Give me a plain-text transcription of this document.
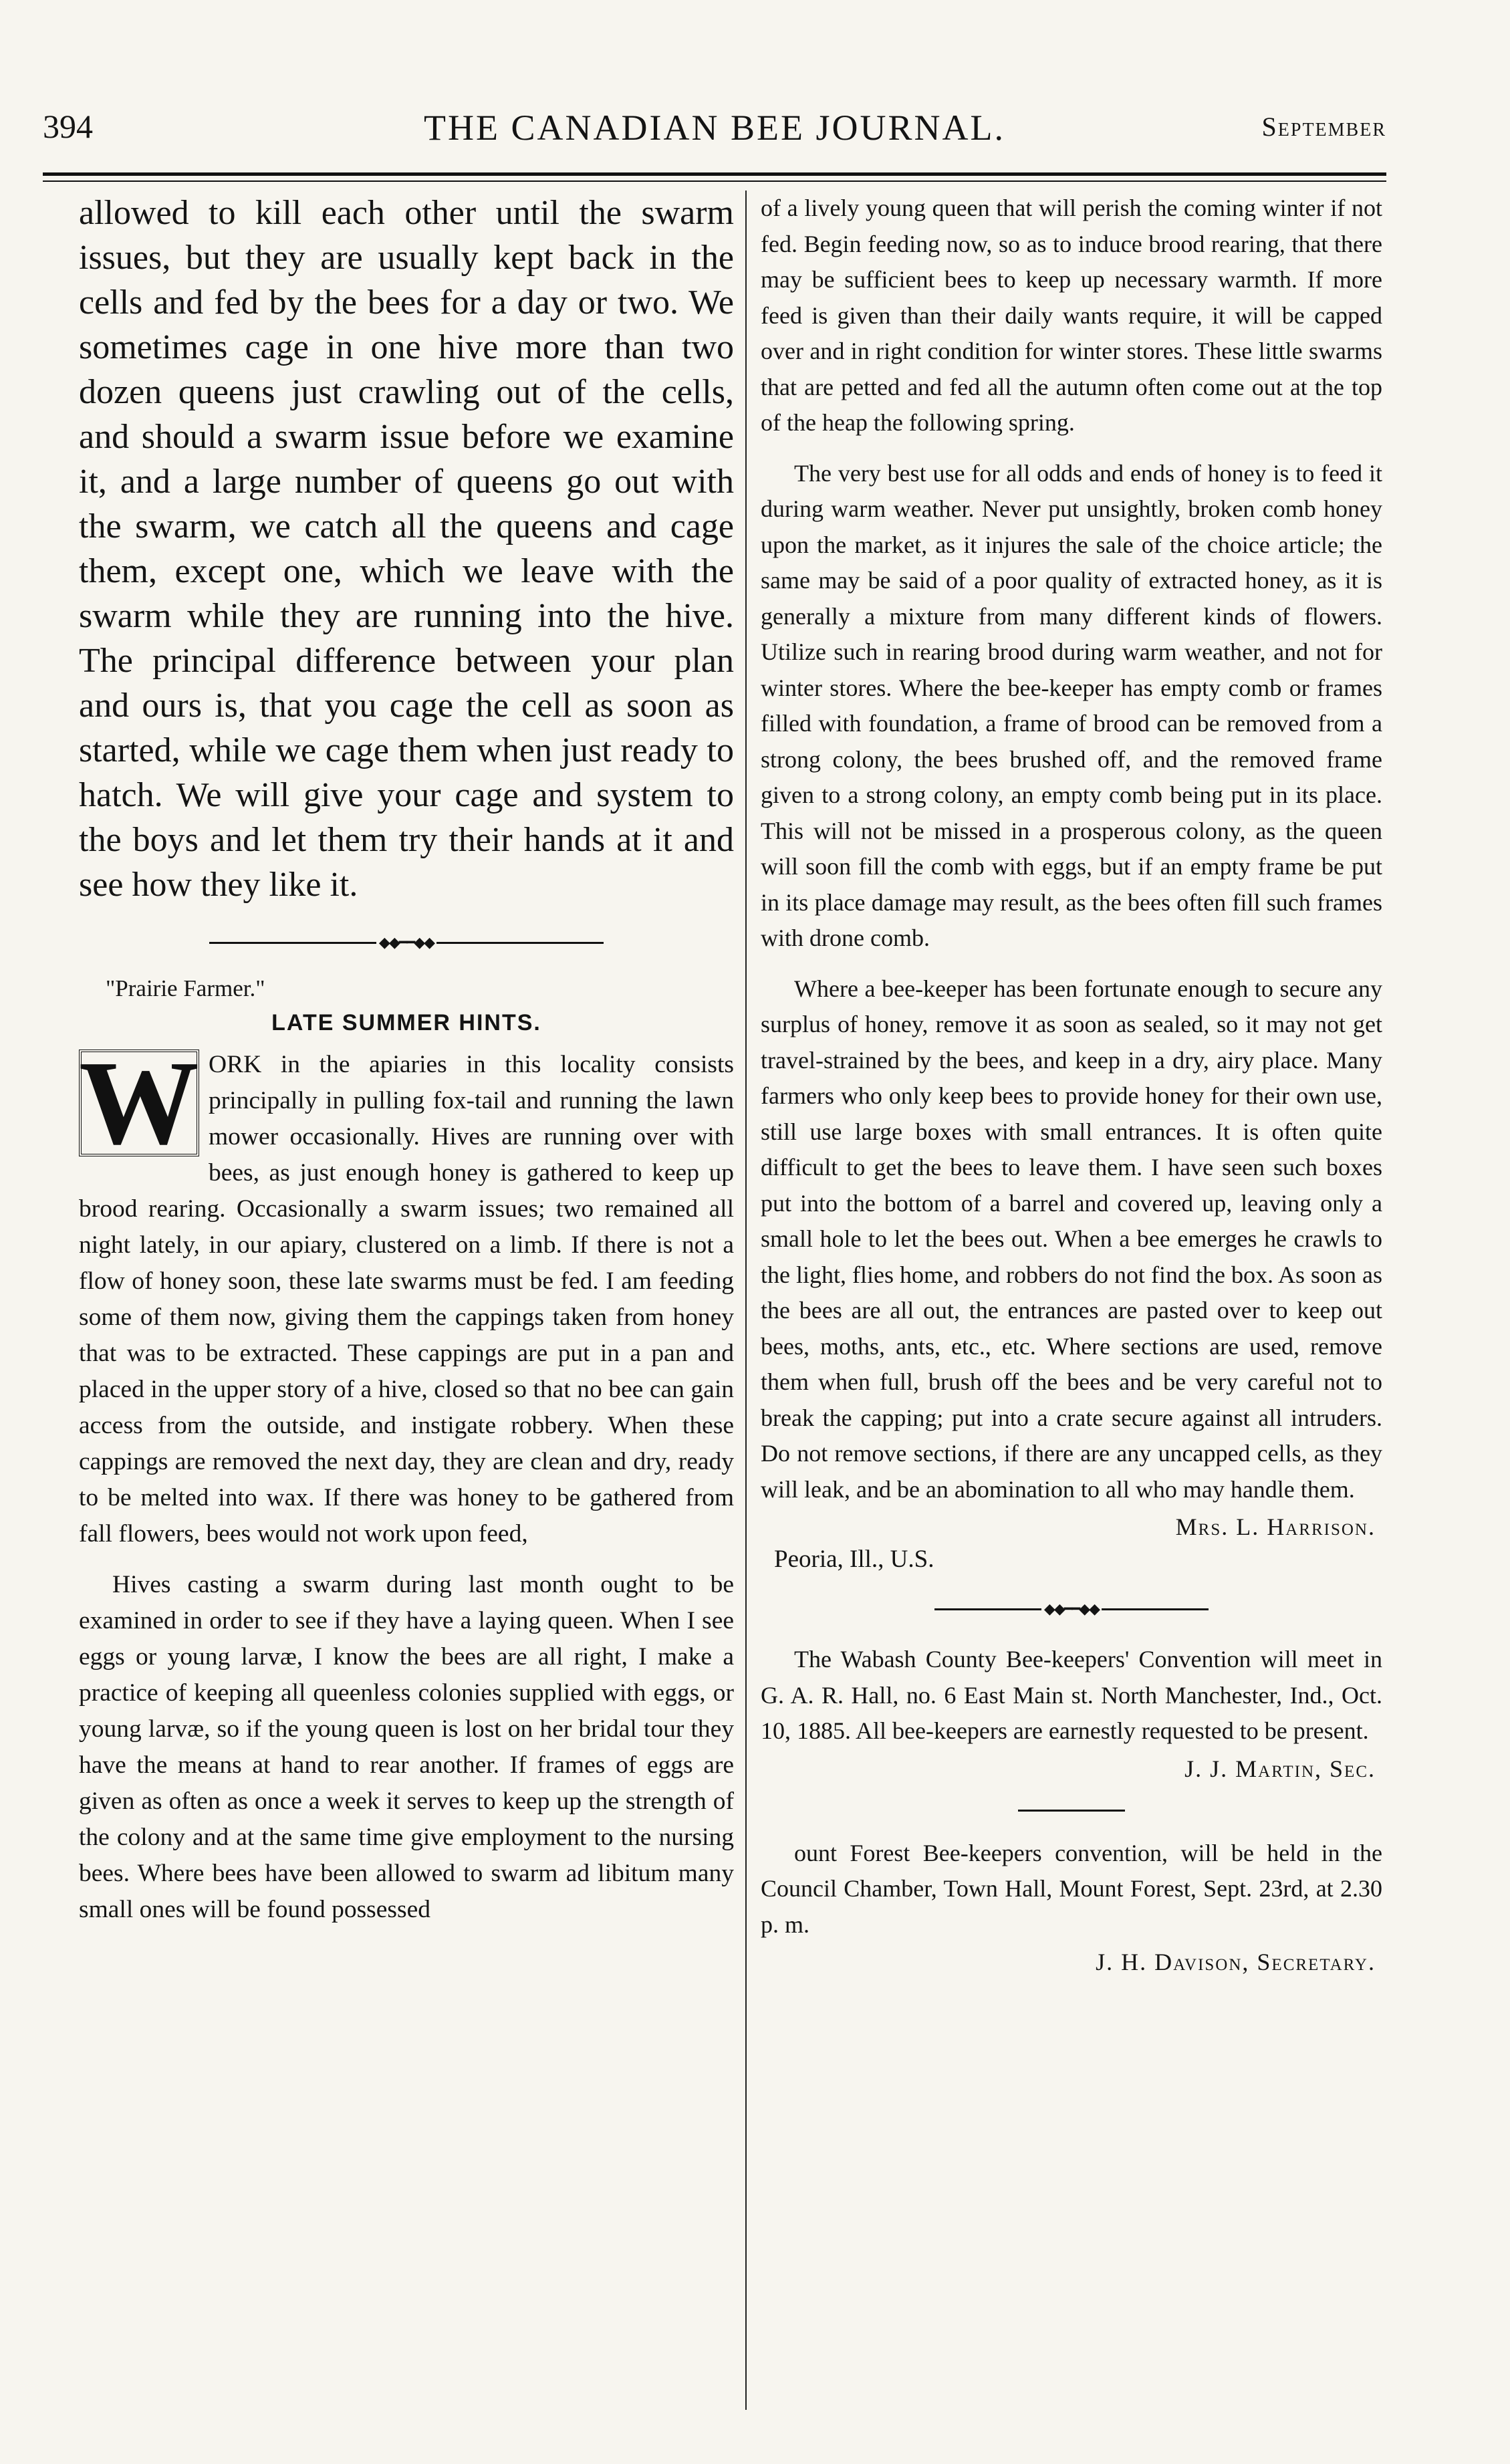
394	THE CANADIAN BEE JOURNAL.	September

allowed to kill each other until the swarm issues, but they are usually kept back in the cells and fed by the bees for a day or two. We sometimes cage in one hive more than two dozen queens just crawling out of the cells, and should a swarm issue before we examine it, and a large number of queens go out with the swarm, we catch all the queens and cage them, except one, which we leave with the swarm while they are running into the hive. The principal difference between your plan and ours is, that you cage the cell as soon as started, while we cage them when just ready to hatch. We will give your cage and system to the boys and let them try their hands at it and see how they like it.

◆◆━━◆◆
"Prairie Farmer."
LATE SUMMER HINTS.
W ORK in the apiaries in this locality consists principally in pulling fox-tail and running the lawn mower occasionally. Hives are running over with bees, as just enough honey is gathered to keep up brood rearing. Occasionally a swarm issues; two remained all night lately, in our apiary, clustered on a limb. If there is not a flow of honey soon, these late swarms must be fed. I am feeding some of them now, giving them the cappings taken from honey that was to be extracted. These cappings are put in a pan and placed in the upper story of a hive, closed so that no bee can gain access from the outside, and instigate robbery. When these cappings are removed the next day, they are clean and dry, ready to be melted into wax. If there was honey to be gathered from fall flowers, bees would not work upon feed,

Hives casting a swarm during last month ought to be examined in order to see if they have a laying queen. When I see eggs or young larvæ, I know the bees are all right, I make a practice of keeping all queenless colonies supplied with eggs, or young larvæ, so if the young queen is lost on her bridal tour they have the means at hand to rear another. If frames of eggs are given as often as once a week it serves to keep up the strength of the colony and at the same time give employment to the nursing bees. Where bees have been allowed to swarm ad libitum many small ones will be found possessed

of a lively young queen that will perish the coming winter if not fed. Begin feeding now, so as to induce brood rearing, that there may be sufficient bees to keep up necessary warmth. If more feed is given than their daily wants require, it will be capped over and in right condition for winter stores. These little swarms that are petted and fed all the autumn often come out at the top of the heap the following spring.

The very best use for all odds and ends of honey is to feed it during warm weather. Never put unsightly, broken comb honey upon the market, as it injures the sale of the choice article; the same may be said of a poor quality of extracted honey, as it is generally a mixture from many different kinds of flowers. Utilize such in rearing brood during warm weather, and not for winter stores. Where the bee-keeper has empty comb or frames filled with foundation, a frame of brood can be removed from a strong colony, the bees brushed off, and the removed frame given to a strong colony, an empty comb being put in its place. This will not be missed in a prosperous colony, as the queen will soon fill the comb with eggs, but if an empty frame be put in its place damage may result, as the bees often fill such frames with drone comb.

Where a bee-keeper has been fortunate enough to secure any surplus of honey, remove it as soon as sealed, so it may not get travel-strained by the bees, and keep in a dry, airy place. Many farmers who only keep bees to provide honey for their own use, still use large boxes with small entrances. It is often quite difficult to get the bees to leave them. I have seen such boxes put into the bottom of a barrel and covered up, leaving only a small hole to let the bees out. When a bee emerges he crawls to the light, flies home, and robbers do not find the box. As soon as the bees are all out, the entrances are pasted over to keep out bees, moths, ants, etc., etc. Where sections are used, remove them when full, brush off the bees and be very careful not to break the capping; put into a crate secure against all intruders. Do not remove sections, if there are any uncapped cells, as they will leak, and be an abomination to all who may handle them.

Mrs. L. Harrison.
Peoria, Ill., U.S.
◆◆━━◆◆

The Wabash County Bee-keepers' Convention will meet in G. A. R. Hall, no. 6 East Main st. North Manchester, Ind., Oct. 10, 1885. All bee-keepers are earnestly requested to be present.

J. J. Martin, Sec.

ount Forest Bee-keepers convention, will be held in the Council Chamber, Town Hall, Mount Forest, Sept. 23rd, at 2.30 p. m.

J. H. Davison, Secretary.
